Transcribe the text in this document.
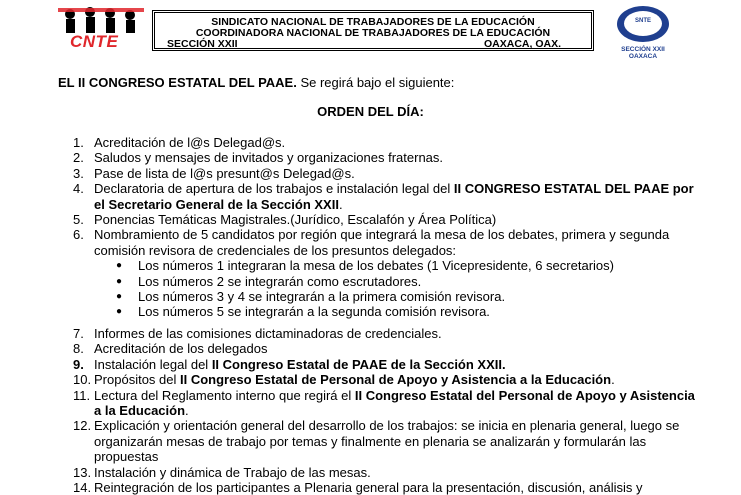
CNTE
SINDICATO NACIONAL DE TRABAJADORES DE LA EDUCACIÓN
COORDINADORA NACIONAL DE TRABAJADORES DE LA EDUCACIÓN
SECCIÓN XXII	OAXACA, OAX.
SNTE
SECCIÓN XXII OAXACA
EL II CONGRESO ESTATAL DEL PAAE. Se regirá bajo el siguiente:
ORDEN DEL DÍA:
1. Acreditación de l@s Delegad@s.
2. Saludos y mensajes de invitados y organizaciones fraternas.
3. Pase de lista de l@s presunt@s Delegad@s.
4. Declaratoria de apertura de los trabajos e instalación legal del II CONGRESO ESTATAL DEL PAAE por el Secretario General de la Sección XXII.
5. Ponencias Temáticas Magistrales.(Jurídico, Escalafón y Área Política)
6. Nombramiento de 5 candidatos por región que integrará la mesa de los debates, primera y segunda comisión revisora de credenciales de los presuntos delegados:
● Los números 1 integraran la mesa de los debates (1 Vicepresidente, 6 secretarios)
● Los números 2 se integrarán como escrutadores.
● Los números 3 y 4 se integrarán a la primera comisión revisora.
● Los números 5 se integrarán a la segunda comisión revisora.
7. Informes de las comisiones dictaminadoras de credenciales.
8. Acreditación de los delegados
9. Instalación legal del II Congreso Estatal de PAAE de la Sección XXII.
10. Propósitos del II Congreso Estatal de Personal de Apoyo y Asistencia a la Educación.
11. Lectura del Reglamento interno que regirá el II Congreso Estatal del Personal de Apoyo y Asistencia a la Educación.
12. Explicación y orientación general del desarrollo de los trabajos: se inicia en plenaria general, luego se organizarán mesas de trabajo por temas y finalmente en plenaria se analizarán y formularán las propuestas
13. Instalación y dinámica de Trabajo de las mesas.
14. Reintegración de los participantes a Plenaria general para la presentación, discusión, análisis y
